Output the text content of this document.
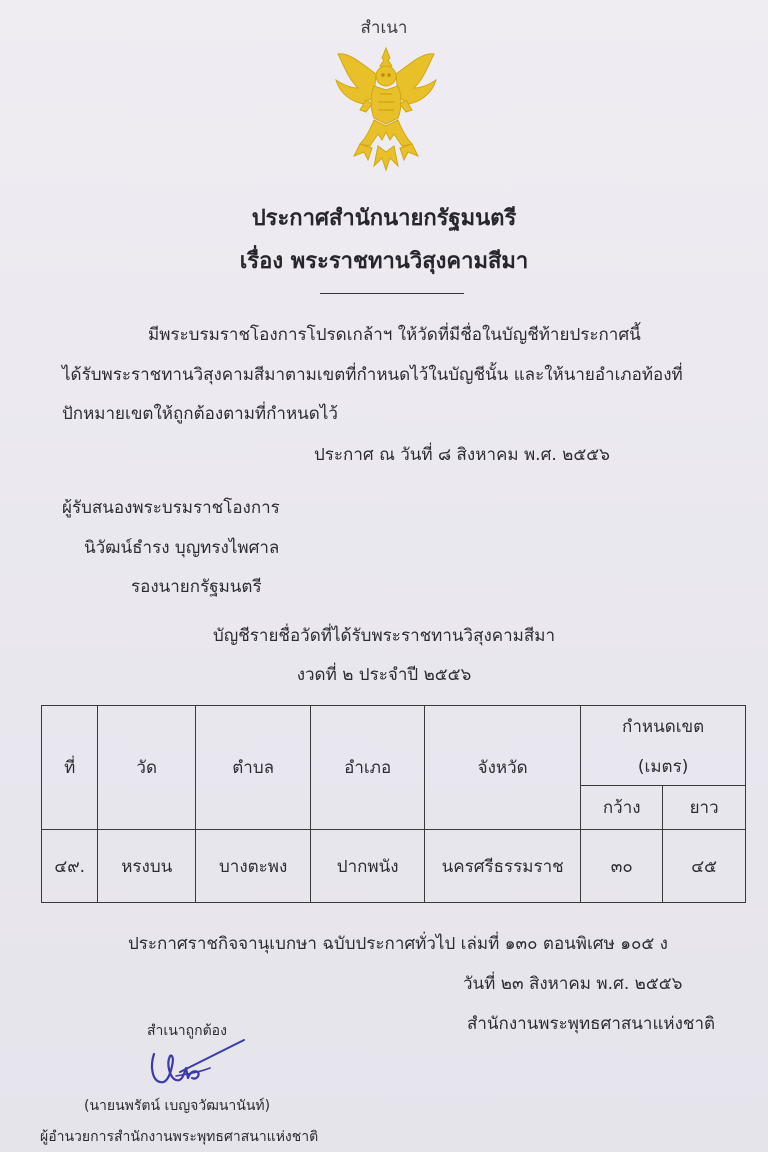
สำเนา
ประกาศสำนักนายกรัฐมนตรี
เรื่อง พระราชทานวิสุงคามสีมา
มีพระบรมราชโองการโปรดเกล้าฯ ให้วัดที่มีชื่อในบัญชีท้ายประกาศนี้
ได้รับพระราชทานวิสุงคามสีมาตามเขตที่กำหนดไว้ในบัญชีนั้น และให้นายอำเภอท้องที่
ปักหมายเขตให้ถูกต้องตามที่กำหนดไว้
ประกาศ ณ วันที่ ๘ สิงหาคม พ.ศ. ๒๕๕๖
ผู้รับสนองพระบรมราชโองการ
นิวัฒน์ธำรง บุญทรงไพศาล
รองนายกรัฐมนตรี
บัญชีรายชื่อวัดที่ได้รับพระราชทานวิสุงคามสีมา
งวดที่ ๒ ประจำปี ๒๕๕๖
ที่	วัด	ตำบล	อำเภอ	จังหวัด	กำหนดเขต	
					(เมตร)	
					กว้าง	ยาว
๔๙.	หรงบน	บางตะพง	ปากพนัง	นครศรีธรรมราช	๓๐	๔๕
ประกาศราชกิจจานุเบกษา ฉบับประกาศทั่วไป เล่มที่ ๑๓๐ ตอนพิเศษ ๑๐๕ ง
วันที่ ๒๓ สิงหาคม พ.ศ. ๒๕๕๖
สำนักงานพระพุทธศาสนาแห่งชาติ
สำเนาถูกต้อง
(นายนพรัตน์ เบญจวัฒนานันท์)
ผู้อำนวยการสำนักงานพระพุทธศาสนาแห่งชาติ
